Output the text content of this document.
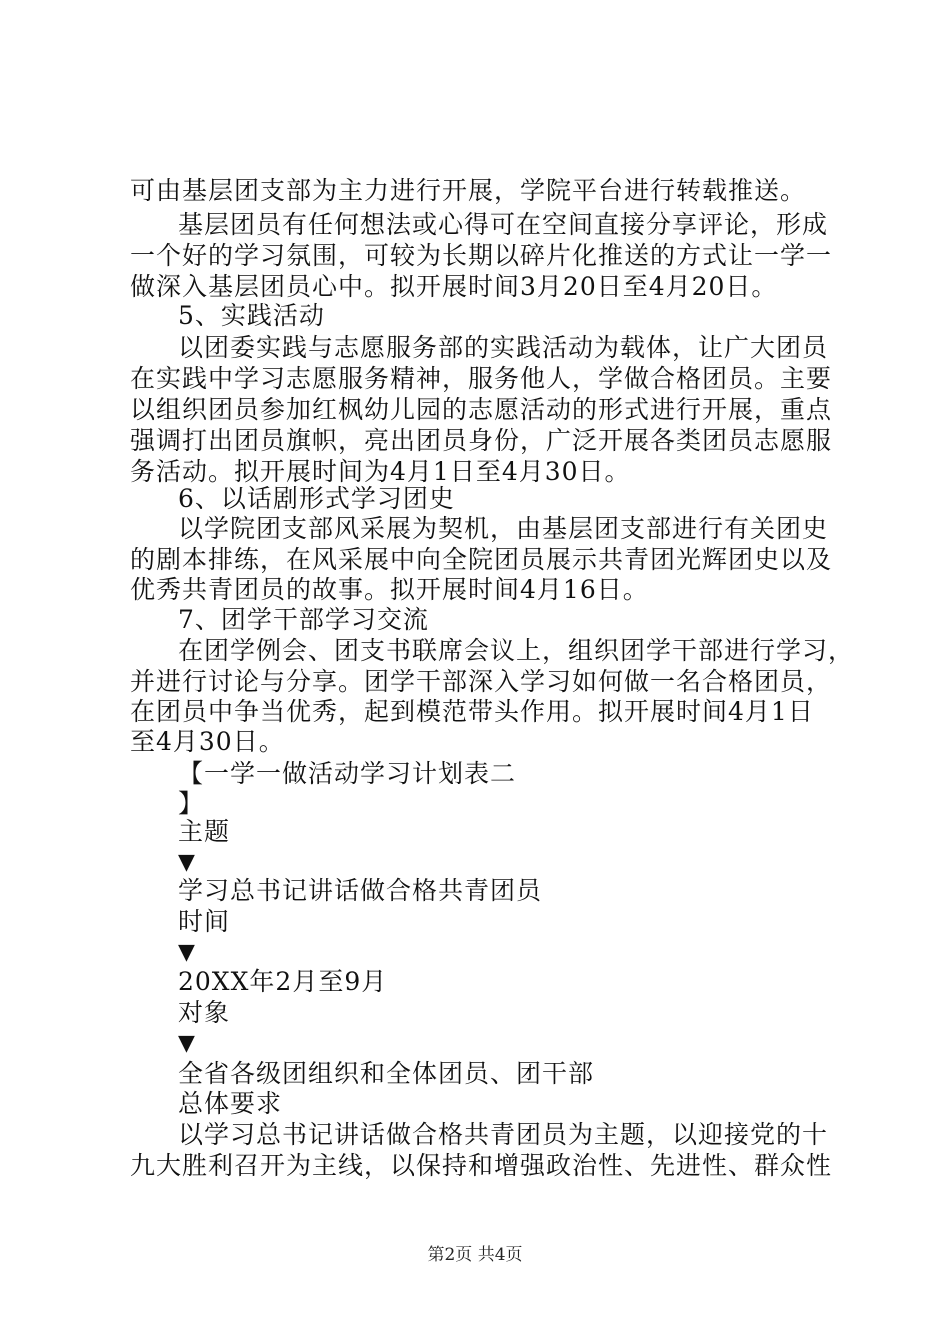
可由基层团支部为主力进行开展，学院平台进行转载推送。
基层团员有任何想法或心得可在空间直接分享评论，形成
一个好的学习氛围，可较为长期以碎片化推送的方式让一学一
做深入基层团员心中。拟开展时间3月20日至4月20日。
5、实践活动
以团委实践与志愿服务部的实践活动为载体，让广大团员
在实践中学习志愿服务精神，服务他人，学做合格团员。主要
以组织团员参加红枫幼儿园的志愿活动的形式进行开展，重点
强调打出团员旗帜，亮出团员身份，广泛开展各类团员志愿服
务活动。拟开展时间为4月1日至4月30日。
6、以话剧形式学习团史
以学院团支部风采展为契机，由基层团支部进行有关团史
的剧本排练，在风采展中向全院团员展示共青团光辉团史以及
优秀共青团员的故事。拟开展时间4月16日。
7、团学干部学习交流
在团学例会、团支书联席会议上，组织团学干部进行学习，
并进行讨论与分享。团学干部深入学习如何做一名合格团员，
在团员中争当优秀，起到模范带头作用。拟开展时间4月1日
至4月30日。
【一学一做活动学习计划表二
】
主题
▼
学习总书记讲话做合格共青团员
时间
▼
20XX年2月至9月
对象
▼
全省各级团组织和全体团员、团干部
总体要求
以学习总书记讲话做合格共青团员为主题，以迎接党的十
九大胜利召开为主线，以保持和增强政治性、先进性、群众性
第2页 共4页
